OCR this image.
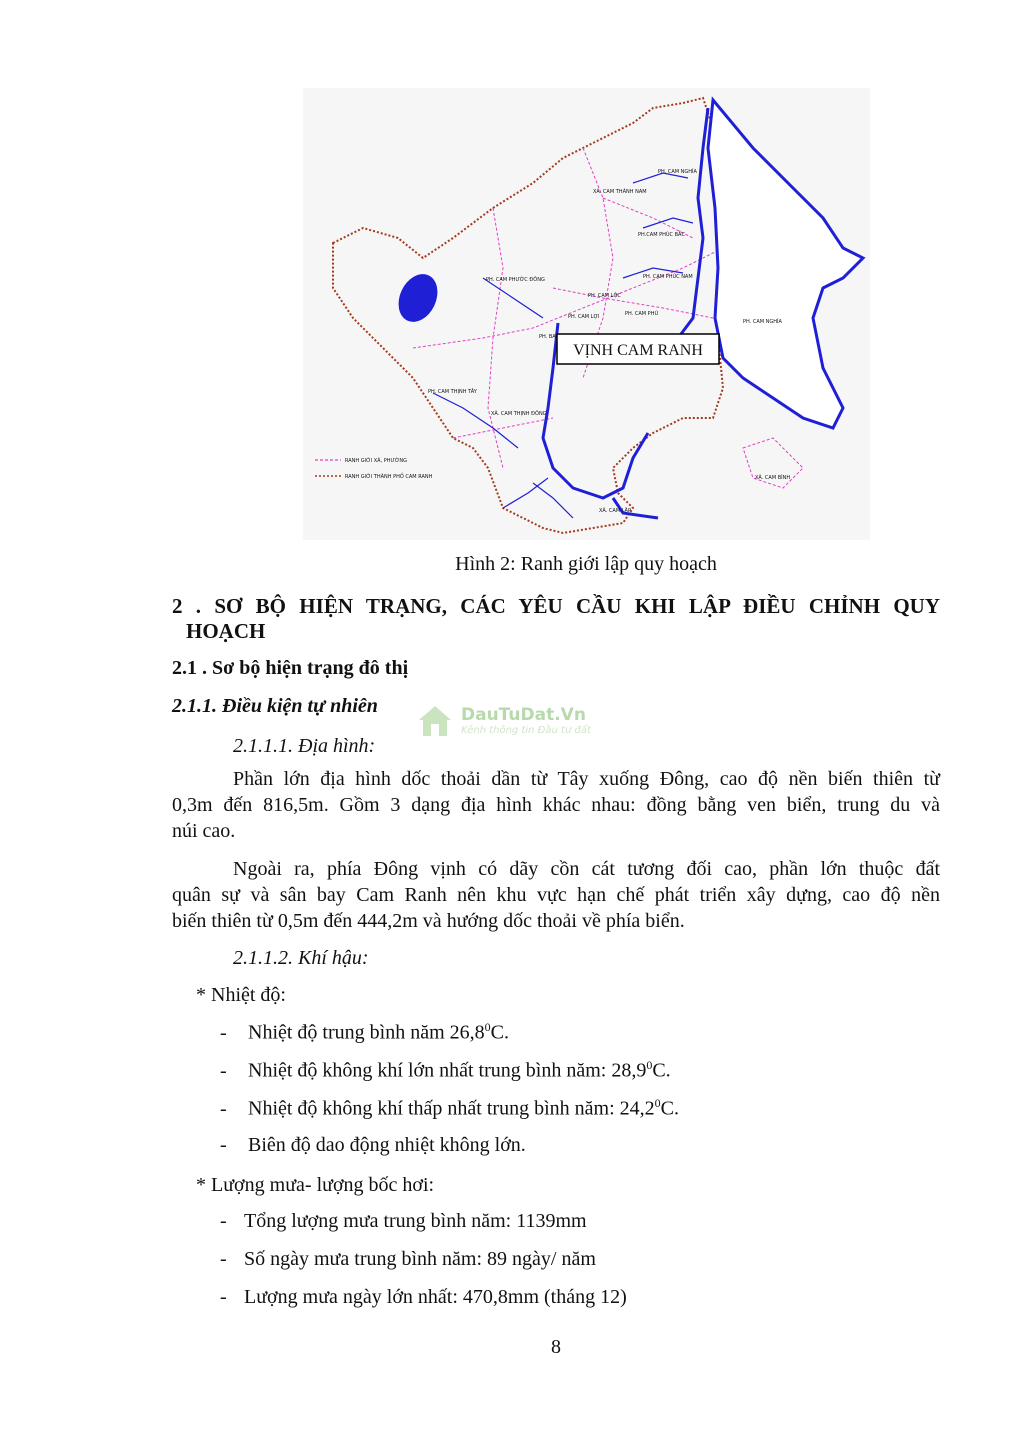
RANH GIỚI XÃ, PHƯỜNG
RANH GIỚI THÀNH PHỐ CAM RANH
PH. CAM NGHĨA
XÃ. CAM THÀNH NAM
PH.CAM PHÚC BẮC
PH. CAM PHƯỚC ĐÔNG	PH. CAM PHÚC NAM
PH. CAM LỘC
PH. CAM PHÚ
PH. CAM LỢI
PH. BA
PH. CAM NGHĨA
PH. CAM THỊNH TÂY
XÃ. CAM THỊNH ĐÔNG
XÃ. CAM BÌNH
XÃ. CAM LẬP
VỊNH CAM RANH
Hình 2: Ranh giới lập quy hoạch
2 . SƠ BỘ HIỆN TRẠNG, CÁC YÊU CẦU KHI LẬP ĐIỀU CHỈNH QUY
HOẠCH
2.1 . Sơ bộ hiện trạng đô thị
2.1.1. Điều kiện tự nhiên	DauTuDat.Vn
Kênh thông tin Đầu tư đất
2.1.1.1. Địa hình:
Phần lớn địa hình dốc thoải dần từ Tây xuống Đông, cao độ nền biến thiên từ
0,3m đến 816,5m. Gồm 3 dạng địa hình khác nhau: đồng bằng ven biển, trung du và
núi cao.
Ngoài ra, phía Đông vịnh có dãy cồn cát tương đối cao, phần lớn thuộc đất
quân sự và sân bay Cam Ranh nên khu vực hạn chế phát triển xây dựng, cao độ nền
biến thiên từ 0,5m đến 444,2m và hướng dốc thoải về phía biển.
2.1.1.2. Khí hậu:
* Nhiệt độ:
- Nhiệt độ trung bình năm 26,8$^0$C.
- Nhiệt độ không khí lớn nhất trung bình năm: 28,9$^0$C.
- Nhiệt độ không khí thấp nhất trung bình năm: 24,2$^0$C.
- Biên độ dao động nhiệt không lớn.
* Lượng mưa- lượng bốc hơi:
- Tổng lượng mưa trung bình năm: 1139mm
- Số ngày mưa trung bình năm: 89 ngày/ năm
- Lượng mưa ngày lớn nhất: 470,8mm (tháng 12)
8
